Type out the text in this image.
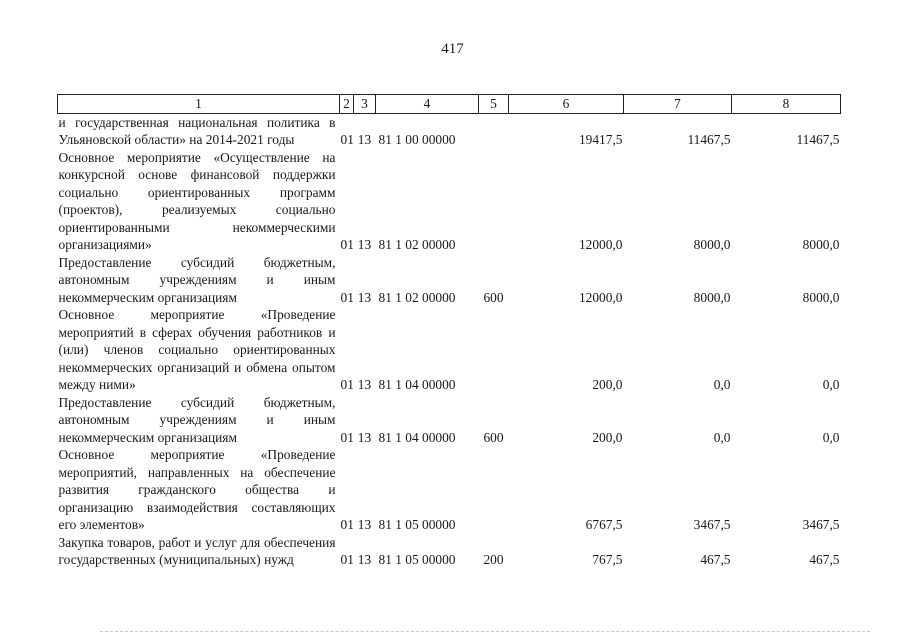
417
1	2	3	4	5	6	7	8
и государственная национальная политика в Ульяновской области» на 2014-2021 годы	01	13	81 1 00 00000		19417,5	11467,5	11467,5
Основное мероприятие «Осуществление на конкурсной основе финансовой поддержки социально ориентированных программ (проектов), реализуемых социально ориентированными некоммерческими организациями»	01	13	81 1 02 00000		12000,0	8000,0	8000,0
Предоставление субсидий бюджетным, автономным учреждениям и иным некоммерческим организациям	01	13	81 1 02 00000	600	12000,0	8000,0	8000,0
Основное мероприятие «Проведение мероприятий в сферах обучения работников и (или) членов социально ориентированных некоммерческих организаций и обмена опытом между ними»	01	13	81 1 04 00000		200,0	0,0	0,0
Предоставление субсидий бюджетным, автономным учреждениям и иным некоммерческим организациям	01	13	81 1 04 00000	600	200,0	0,0	0,0
Основное мероприятие «Проведение мероприятий, направленных на обеспечение развития гражданского общества и организацию взаимодействия составляющих его элементов»	01	13	81 1 05 00000		6767,5	3467,5	3467,5
Закупка товаров, работ и услуг для обеспечения государственных (муниципальных) нужд	01	13	81 1 05 00000	200	767,5	467,5	467,5
